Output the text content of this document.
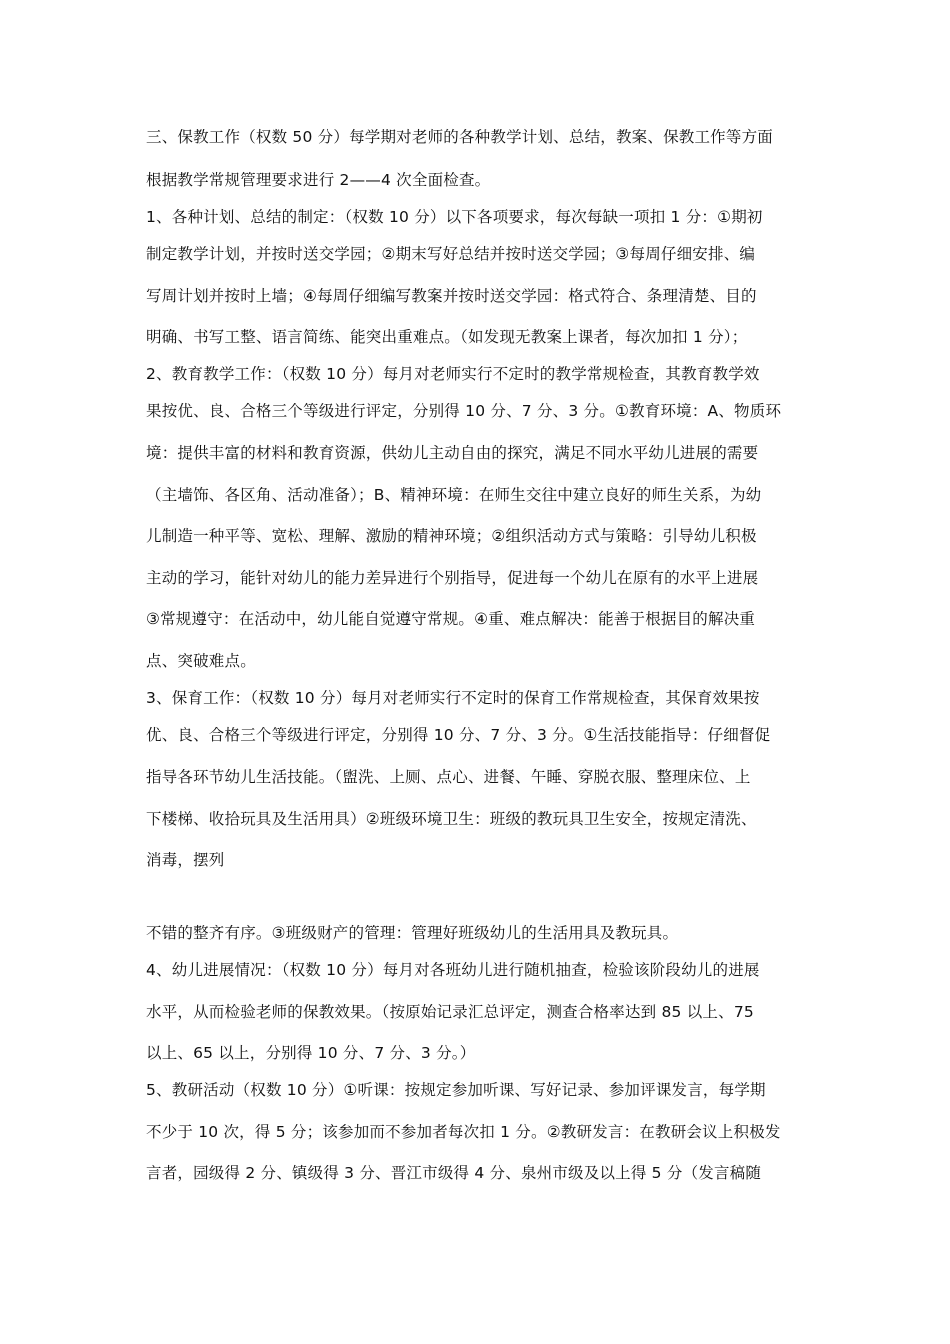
三、保教工作（权数 50 分）每学期对老师的各种教学计划、总结，教案、保教工作等方面
根据教学常规管理要求进行 2——4 次全面检查。
1、各种计划、总结的制定：（权数 10 分）以下各项要求，每次每缺一项扣 1 分：①期初
制定教学计划，并按时送交学园；②期末写好总结并按时送交学园；③每周仔细安排、编
写周计划并按时上墙；④每周仔细编写教案并按时送交学园：格式符合、条理清楚、目的
明确、书写工整、语言简练、能突出重难点。（如发现无教案上课者，每次加扣 1 分）；
2、教育教学工作：（权数 10 分）每月对老师实行不定时的教学常规检查，其教育教学效
果按优、良、合格三个等级进行评定，分别得 10 分、7 分、3 分。①教育环境：A、物质环
境：提供丰富的材料和教育资源，供幼儿主动自由的探究，满足不同水平幼儿进展的需要
（主墙饰、各区角、活动准备）；B、精神环境：在师生交往中建立良好的师生关系，为幼
儿制造一种平等、宽松、理解、激励的精神环境；②组织活动方式与策略：引导幼儿积极
主动的学习，能针对幼儿的能力差异进行个别指导，促进每一个幼儿在原有的水平上进展
③常规遵守：在活动中，幼儿能自觉遵守常规。④重、难点解决：能善于根据目的解决重
点、突破难点。
3、保育工作：（权数 10 分）每月对老师实行不定时的保育工作常规检查，其保育效果按
优、良、合格三个等级进行评定，分别得 10 分、7 分、3 分。①生活技能指导：仔细督促
指导各环节幼儿生活技能。（盥洗、上厕、点心、进餐、午睡、穿脱衣服、整理床位、上
下楼梯、收拾玩具及生活用具）②班级环境卫生：班级的教玩具卫生安全，按规定清洗、
消毒，摆列
不错的整齐有序。③班级财产的管理：管理好班级幼儿的生活用具及教玩具。
4、幼儿进展情况：（权数 10 分）每月对各班幼儿进行随机抽查，检验该阶段幼儿的进展
水平，从而检验老师的保教效果。（按原始记录汇总评定，测查合格率达到 85 以上、75
以上、65 以上，分别得 10 分、7 分、3 分。）
5、教研活动（权数 10 分）①听课：按规定参加听课、写好记录、参加评课发言，每学期
不少于 10 次，得 5 分；该参加而不参加者每次扣 1 分。②教研发言：在教研会议上积极发
言者，园级得 2 分、镇级得 3 分、晋江市级得 4 分、泉州市级及以上得 5 分（发言稿随
